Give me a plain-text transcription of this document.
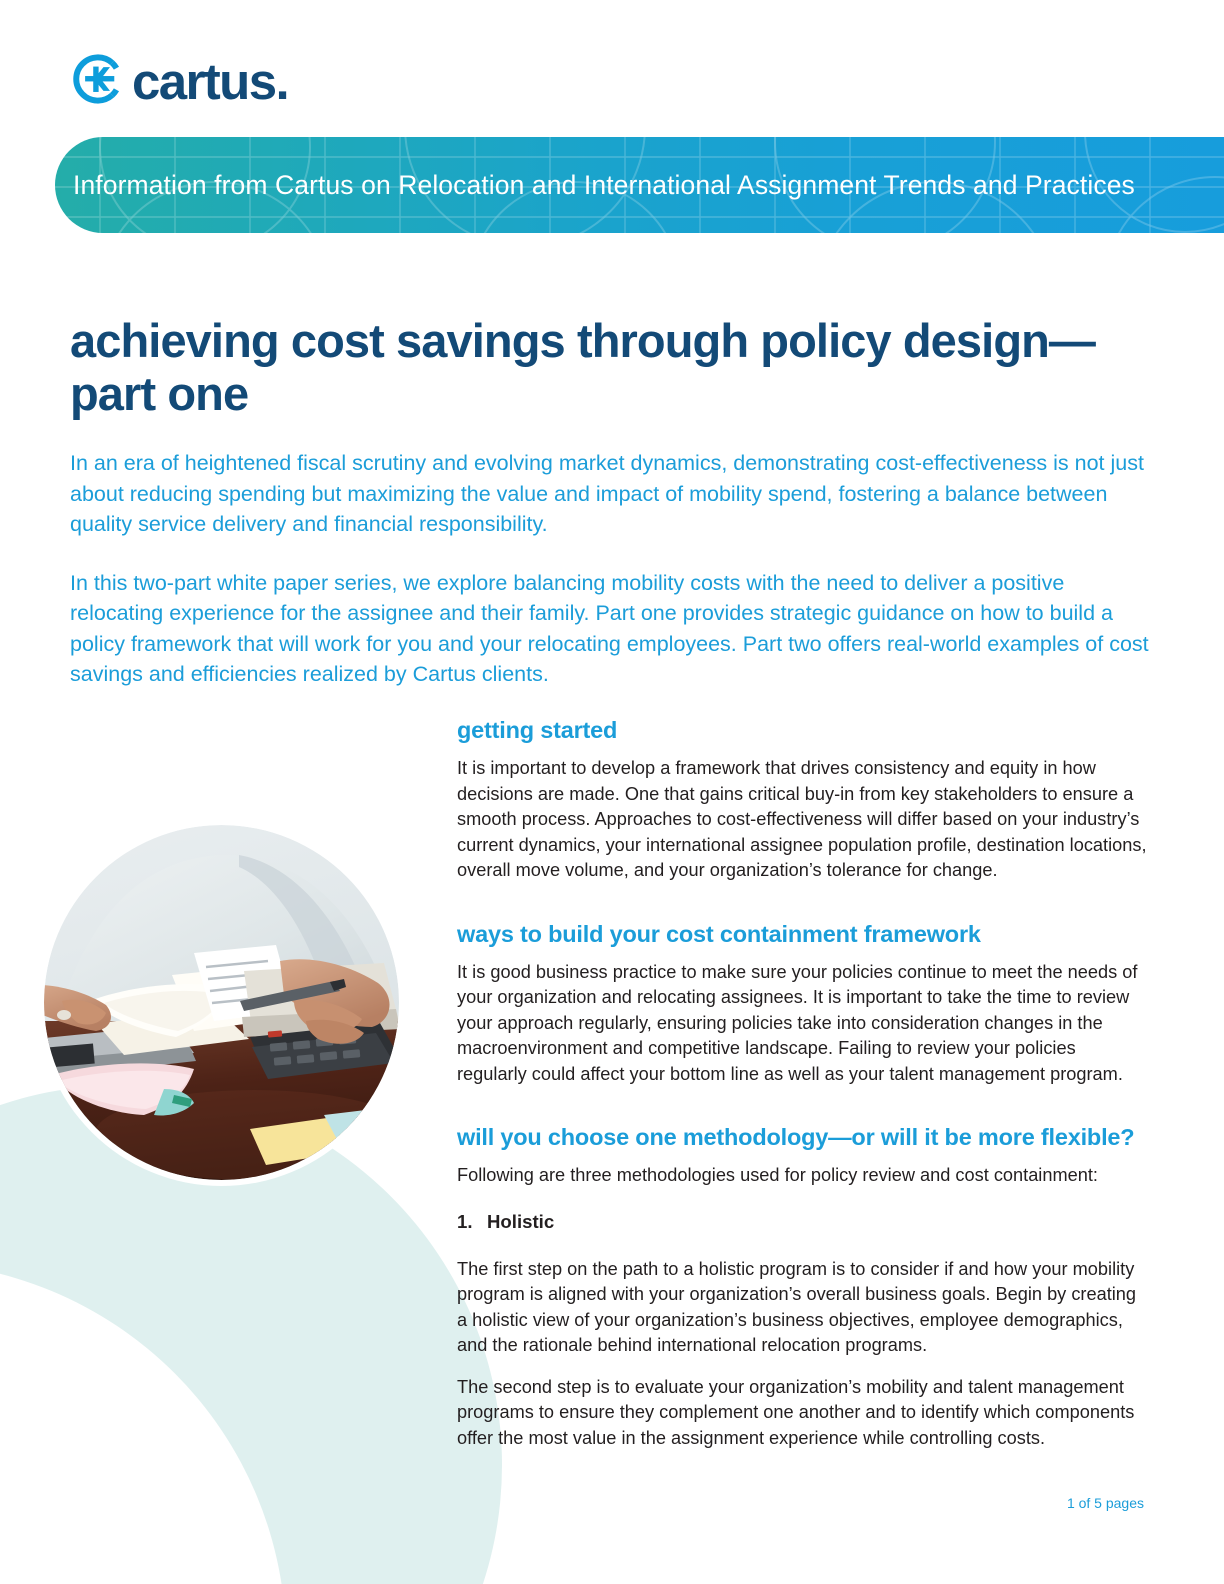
cartus.
Information from Cartus on Relocation and International Assignment Trends and Practices
achieving cost savings through policy design—part one

In an era of heightened fiscal scrutiny and evolving market dynamics, demonstrating cost-effectiveness is not just about reducing spending but maximizing the value and impact of mobility spend, fostering a balance between quality service delivery and financial responsibility.

In this two-part white paper series, we explore balancing mobility costs with the need to deliver a positive relocating experience for the assignee and their family. Part one provides strategic guidance on how to build a policy framework that will work for you and your relocating employees. Part two offers real-world examples of cost savings and efficiencies realized by Cartus clients.

getting started

It is important to develop a framework that drives consistency and equity in how decisions are made. One that gains critical buy-in from key stakeholders to ensure a smooth process. Approaches to cost-effectiveness will differ based on your industry’s current dynamics, your international assignee population profile, destination locations, overall move volume, and your organization’s tolerance for change.

ways to build your cost containment framework

It is good business practice to make sure your policies continue to meet the needs of your organization and relocating assignees. It is important to take the time to review your approach regularly, ensuring policies take into consideration changes in the macroenvironment and competitive landscape. Failing to review your policies regularly could affect your bottom line as well as your talent management program.

will you choose one methodology—or will it be more flexible?

Following are three methodologies used for policy review and cost containment:

1. Holistic

The first step on the path to a holistic program is to consider if and how your mobility program is aligned with your organization’s overall business goals. Begin by creating a holistic view of your organization’s business objectives, employee demographics, and the rationale behind international relocation programs.

The second step is to evaluate your organization’s mobility and talent management programs to ensure they complement one another and to identify which components offer the most value in the assignment experience while controlling costs.

1 of 5 pages
